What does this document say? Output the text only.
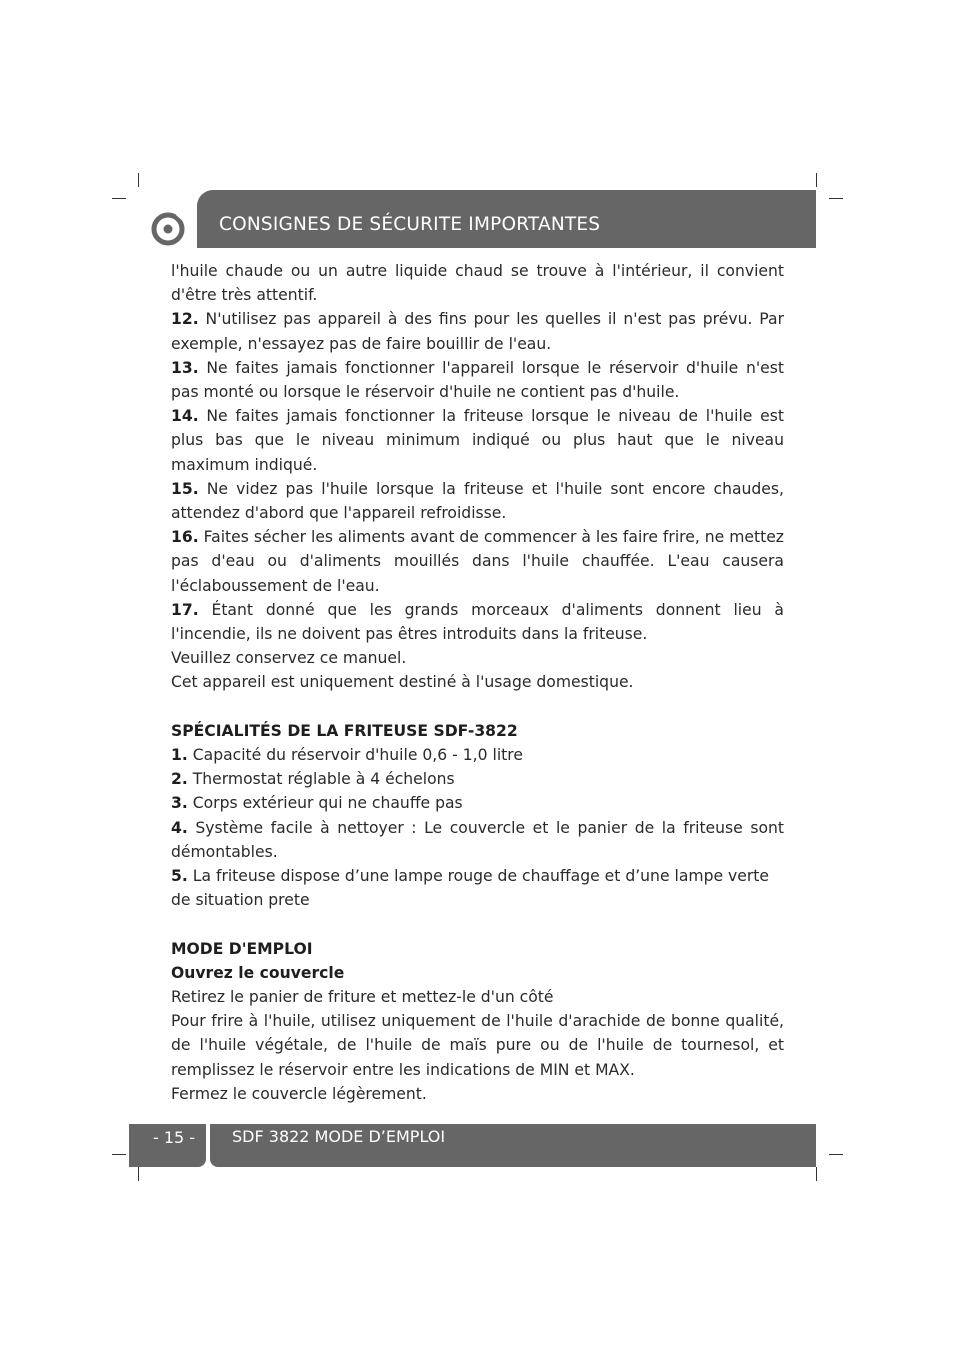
CONSIGNES DE SÉCURITE IMPORTANTES

l'huile chaude ou un autre liquide chaud se trouve à l'intérieur, il convient d'être très attentif.

12. N'utilisez pas appareil à des fins pour les quelles il n'est pas prévu. Par exemple, n'essayez pas de faire bouillir de l'eau.

13. Ne faites jamais fonctionner l'appareil lorsque le réservoir d'huile n'est pas monté ou lorsque le réservoir d'huile ne contient pas d'huile.

14. Ne faites jamais fonctionner la friteuse lorsque le niveau de l'huile est plus bas que le niveau minimum indiqué ou plus haut que le niveau maximum indiqué.

15. Ne videz pas l'huile lorsque la friteuse et l'huile sont encore chaudes, attendez d'abord que l'appareil refroidisse.

16. Faites sécher les aliments avant de commencer à les faire frire, ne mettez pas d'eau ou d'aliments mouillés dans l'huile chauffée. L'eau causera l'éclaboussement de l'eau.

17. Étant donné que les grands morceaux d'aliments donnent lieu à l'incendie, ils ne doivent pas êtres introduits dans la friteuse.

Veuillez conservez ce manuel.

Cet appareil est uniquement destiné à l'usage domestique.

SPÉCIALITÉS DE LA FRITEUSE SDF-3822

1. Capacité du réservoir d'huile 0,6 - 1,0 litre

2. Thermostat réglable à 4 échelons

3. Corps extérieur qui ne chauffe pas

4. Système facile à nettoyer : Le couvercle et le panier de la friteuse sont démontables.

5. La friteuse dispose d’une lampe rouge de chauffage et d’une lampe verte de situation prete

MODE D'EMPLOI

Ouvrez le couvercle

Retirez le panier de friture et mettez-le d'un côté

Pour frire à l'huile, utilisez uniquement de l'huile d'arachide de bonne qualité, de l'huile végétale, de l'huile de maïs pure ou de l'huile de tournesol, et remplissez le réservoir entre les indications de MIN et MAX.

Fermez le couvercle légèrement.

- 15 - SDF 3822 MODE D’EMPLOI
